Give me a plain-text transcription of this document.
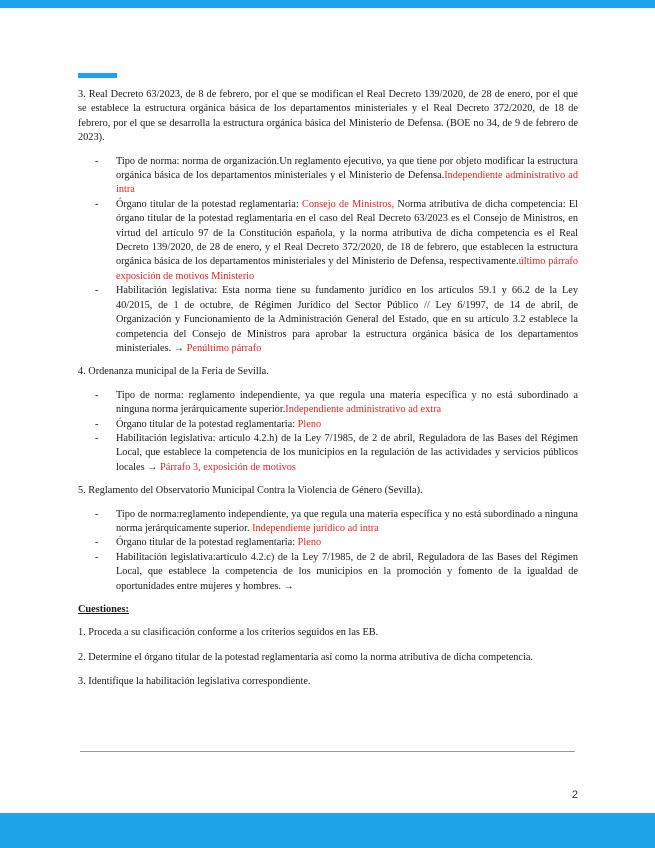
3. Real Decreto 63/2023, de 8 de febrero, por el que se modifican el Real Decreto 139/2020, de 28 de enero, por el que se establece la estructura orgánica básica de los departamentos ministeriales y el Real Decreto 372/2020, de 18 de febrero, por el que se desarrolla la estructura orgánica básica del Ministerio de Defensa. (BOE no 34, de 9 de febrero de 2023).

- Tipo de norma: norma de organización.Un reglamento ejecutivo, ya que tiene por objeto modificar la estructura orgánica básica de los departamentos ministeriales y el Ministerio de Defensa.Independiente administrativo ad intra
- Órgano titular de la potestad reglamentaria: Consejo de Ministros, Norma atributiva de dicha competencia: El órgano titular de la potestad reglamentaria en el caso del Real Decreto 63/2023 es el Consejo de Ministros, en virtud del artículo 97 de la Constitución española, y la norma atributiva de dicha competencia es el Real Decreto 139/2020, de 28 de enero, y el Real Decreto 372/2020, de 18 de febrero, que establecen la estructura orgánica básica de los departamentos ministeriales y del Ministerio de Defensa, respectivamente.último párrafo exposición de motivos Ministerio
- Habilitación legislativa: Esta norma tiene su fundamento jurídico en los artículos 59.1 y 66.2 de la Ley 40/2015, de 1 de octubre, de Régimen Jurídico del Sector Público // Ley 6/1997, de 14 de abril, de Organización y Funcionamiento de la Administración General del Estado, que en su artículo 3.2 establece la competencia del Consejo de Ministros para aprobar la estructura orgánica básica de los departamentos ministeriales. → Penúltimo párrafo

4. Ordenanza municipal de la Feria de Sevilla.

- Tipo de norma: reglamento independiente, ya que regula una materia específica y no está subordinado a ninguna norma jerárquicamente superior.Independiente administrativo ad extra
- Órgano titular de la potestad reglamentaria: Pleno
- Habilitación legislativa: artículo 4.2.h) de la Ley 7/1985, de 2 de abril, Reguladora de las Bases del Régimen Local, que establece la competencia de los municipios en la regulación de las actividades y servicios públicos locales → Párrafo 3, exposición de motivos

5. Reglamento del Observatorio Municipal Contra la Violencia de Género (Sevilla).

- Tipo de norma:reglamento independiente, ya que regula una materia específica y no está subordinado a ninguna norma jerárquicamente superior. Independiente jurídico ad intra
- Órgano titular de la potestad reglamentaria: Pleno
- Habilitación legislativa:artículo 4.2.c) de la Ley 7/1985, de 2 de abril, Reguladora de las Bases del Régimen Local, que establece la competencia de los municipios en la promoción y fomento de la igualdad de oportunidades entre mujeres y hombres. →

Cuestiones:

1. Proceda a su clasificación conforme a los criterios seguidos en las EB.

2. Determine el órgano titular de la potestad reglamentaria así como la norma atributiva de dicha competencia.

3. Identifique la habilitación legislativa correspondiente.

2
